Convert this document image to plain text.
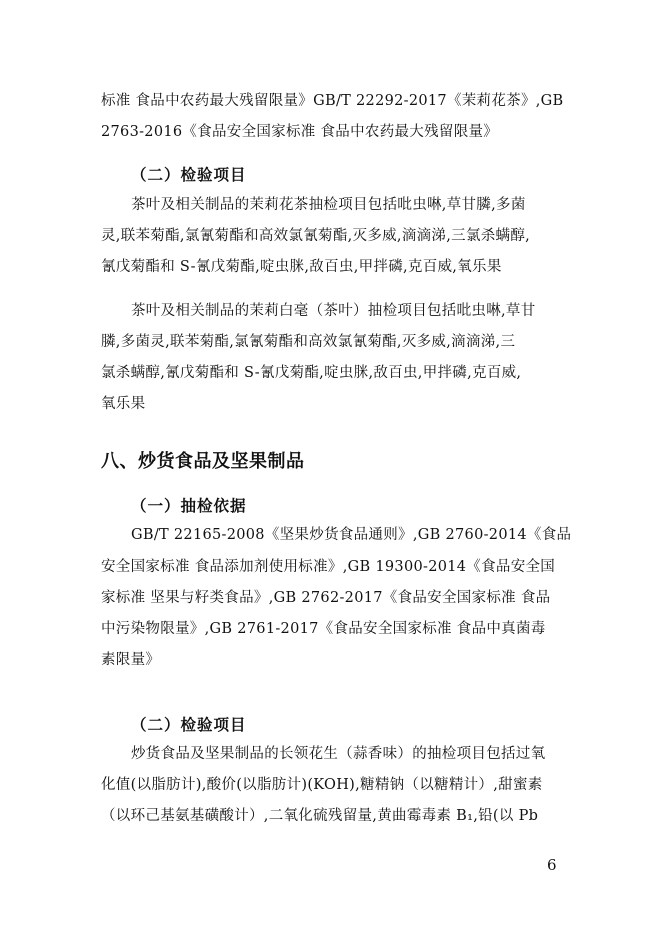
标准 食品中农药最大残留限量》GB/T 22292-2017《茉莉花茶》,GB
2763-2016《食品安全国家标准 食品中农药最大残留限量》
（二）检验项目
茶叶及相关制品的茉莉花茶抽检项目包括吡虫啉,草甘膦,多菌
灵,联苯菊酯,氯氰菊酯和高效氯氰菊酯,灭多威,滴滴涕,三氯杀螨醇,
氰戊菊酯和 S-氰戊菊酯,啶虫脒,敌百虫,甲拌磷,克百威,氧乐果
茶叶及相关制品的茉莉白毫（茶叶）抽检项目包括吡虫啉,草甘
膦,多菌灵,联苯菊酯,氯氰菊酯和高效氯氰菊酯,灭多威,滴滴涕,三
氯杀螨醇,氰戊菊酯和 S-氰戊菊酯,啶虫脒,敌百虫,甲拌磷,克百威,
氧乐果
八、炒货食品及坚果制品
（一）抽检依据
GB/T 22165-2008《坚果炒货食品通则》,GB 2760-2014《食品
安全国家标准 食品添加剂使用标准》,GB 19300-2014《食品安全国
家标准 坚果与籽类食品》,GB 2762-2017《食品安全国家标准 食品
中污染物限量》,GB 2761-2017《食品安全国家标准 食品中真菌毒
素限量》
（二）检验项目
炒货食品及坚果制品的长领花生（蒜香味）的抽检项目包括过氧
化值(以脂肪计),酸价(以脂肪计)(KOH),糖精钠（以糖精计）,甜蜜素
（以环己基氨基磺酸计）,二氧化硫残留量,黄曲霉毒素 B₁,铅(以 Pb
6
